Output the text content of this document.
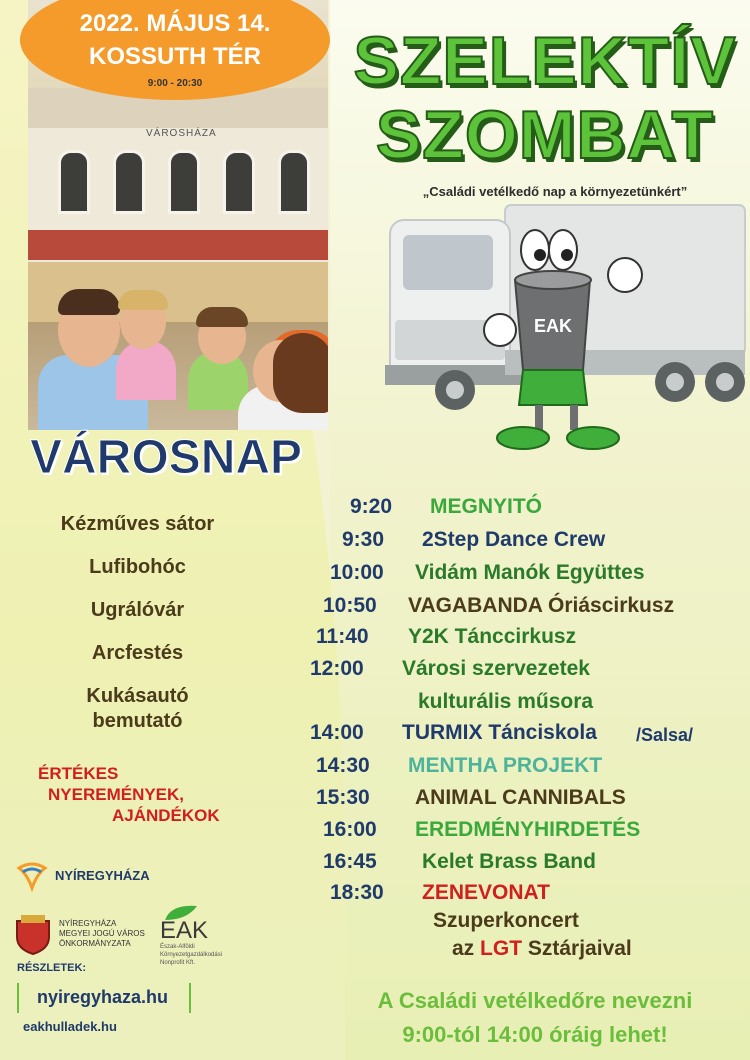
VÁROSHÁZA
2022. MÁJUS 14.
KOSSUTH TÉR
9:00 - 20:30	SZELEKTÍV
SZOMBAT
„Családi vetélkedő nap a környezetünkért”
EAK
VÁROSNAP
Kézműves sátor
Lufibohóc
Ugrálóvár
Arcfestés
Kukásautó
bemutató
ÉRTÉKES
NYEREMÉNYEK,
AJÁNDÉKOK
9:20 MEGNYITÓ
9:30 2Step Dance Crew
10:00 Vidám Manók Együttes
10:50 VAGABANDA Óriáscirkusz
11:40 Y2K Tánccirkusz
12:00 Városi szervezetek
kulturális műsora
14:00 TURMIX Tánciskola /Salsa/
14:30 MENTHA PROJEKT
15:30 ANIMAL CANNIBALS
16:00 EREDMÉNYHIRDETÉS
16:45 Kelet Brass Band
18:30 ZENEVONAT
Szuperkoncert
az LGT Sztárjaival
A Családi vetélkedőre nevezni
9:00-tól 14:00 óráig lehet!
NYÍREGYHÁZA
NYÍREGYHÁZA
MEGYEI JOGÚ VÁROS
ÖNKORMÁNYZATA	EAK
Észak-Alföldi
Környezetgazdálkodási
Nonprofit Kft.
RÉSZLETEK:
nyiregyhaza.hu
eakhulladek.hu
